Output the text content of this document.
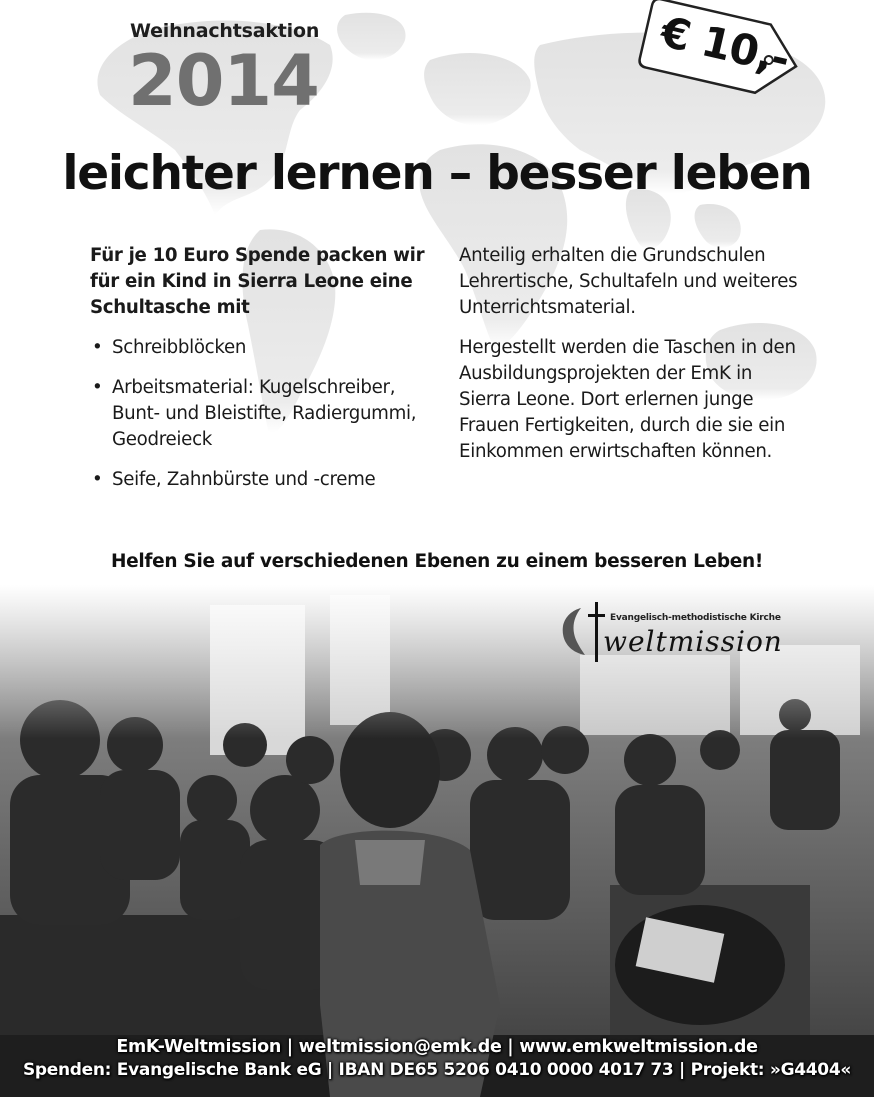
Weihnachtsaktion
2014	€ 10,-
leichter lernen – besser leben

Für je 10 Euro Spende packen wir für ein Kind in Sierra Leone eine Schultasche mit

• Schreibblöcken
• Arbeitsmaterial: Kugelschreiber, Bunt- und Bleistifte, Radiergummi, Geodreieck
• Seife, Zahnbürste und -creme

Anteilig erhalten die Grundschulen Lehrertische, Schultafeln und weiteres Unterrichtsmaterial.

Hergestellt werden die Taschen in den Ausbildungsprojekten der EmK in Sierra Leone. Dort erlernen junge Frauen Fertigkeiten, durch die sie ein Einkommen erwirtschaften können.

Helfen Sie auf verschiedenen Ebenen zu einem besseren Leben!
Evangelisch-methodistische Kirche
weltmission
EmK-Weltmission | weltmission@emk.de | www.emkweltmission.de
Spenden: Evangelische Bank eG | IBAN DE65 5206 0410 0000 4017 73 | Projekt: »G4404«
